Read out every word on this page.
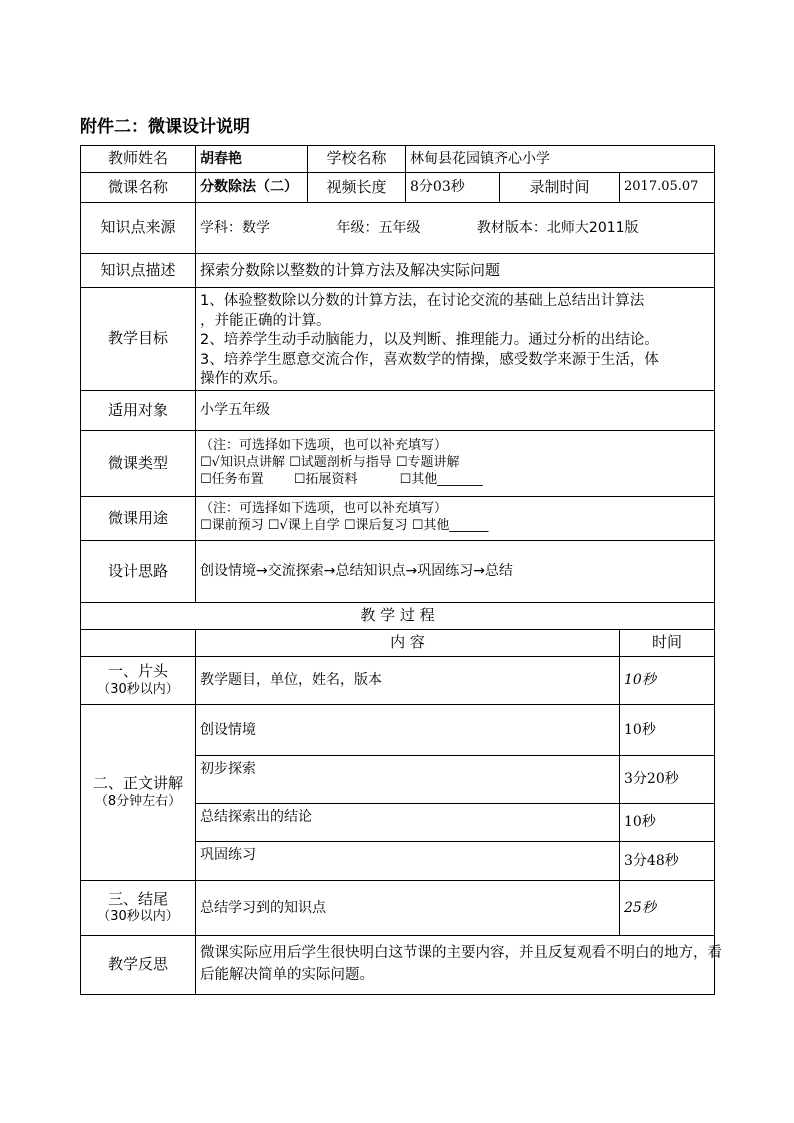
附件二：微课设计说明
教师姓名	胡春艳	学校名称	林甸县花园镇齐心小学		
微课名称	分数除法（二）	视频长度	8分03秒	录制时间	2017.05.07
知识点来源	学科：数学 年级：五年级 教材版本：北师大2011版				
知识点描述	探索分数除以整数的计算方法及解决实际问题				
教学目标	1、体验整数除以分数的计算方法，在讨论交流的基础上总结出计算法
，并能正确的计算。
2、培养学生动手动脑能力，以及判断、推理能力。通过分析的出结论。
3、培养学生愿意交流合作，喜欢数学的情操，感受数学来源于生活，体
操作的欢乐。				

适用对象	小学五年级				
微课类型	（注：可选择如下选项，也可以补充填写）
☐√知识点讲解 ☐试题剖析与指导 ☐专题讲解
☐任务布置 ☐拓展资料 ☐其他_______				

微课用途	（注：可选择如下选项，也可以补充填写）
☐课前预习 ☐√课上自学 ☐课后复习 ☐其他______				

设计思路	创设情境→交流探索→总结知识点→巩固练习→总结				
教 学 过 程					
	内 容				时间

一、片头
（30秒以内）	教学题目，单位，姓名，版本				10秒

二、正文讲解
（8分钟左右）	创设情境				10秒
	初步探索				3分20秒
	总结探索出的结论				10秒
	巩固练习				3分48秒

三、结尾
（30秒以内）	总结学习到的知识点				25秒
教学反思	微课实际应用后学生很快明白这节课的主要内容，并且反复观看不明白的地方，看
后能解决简单的实际问题。				
